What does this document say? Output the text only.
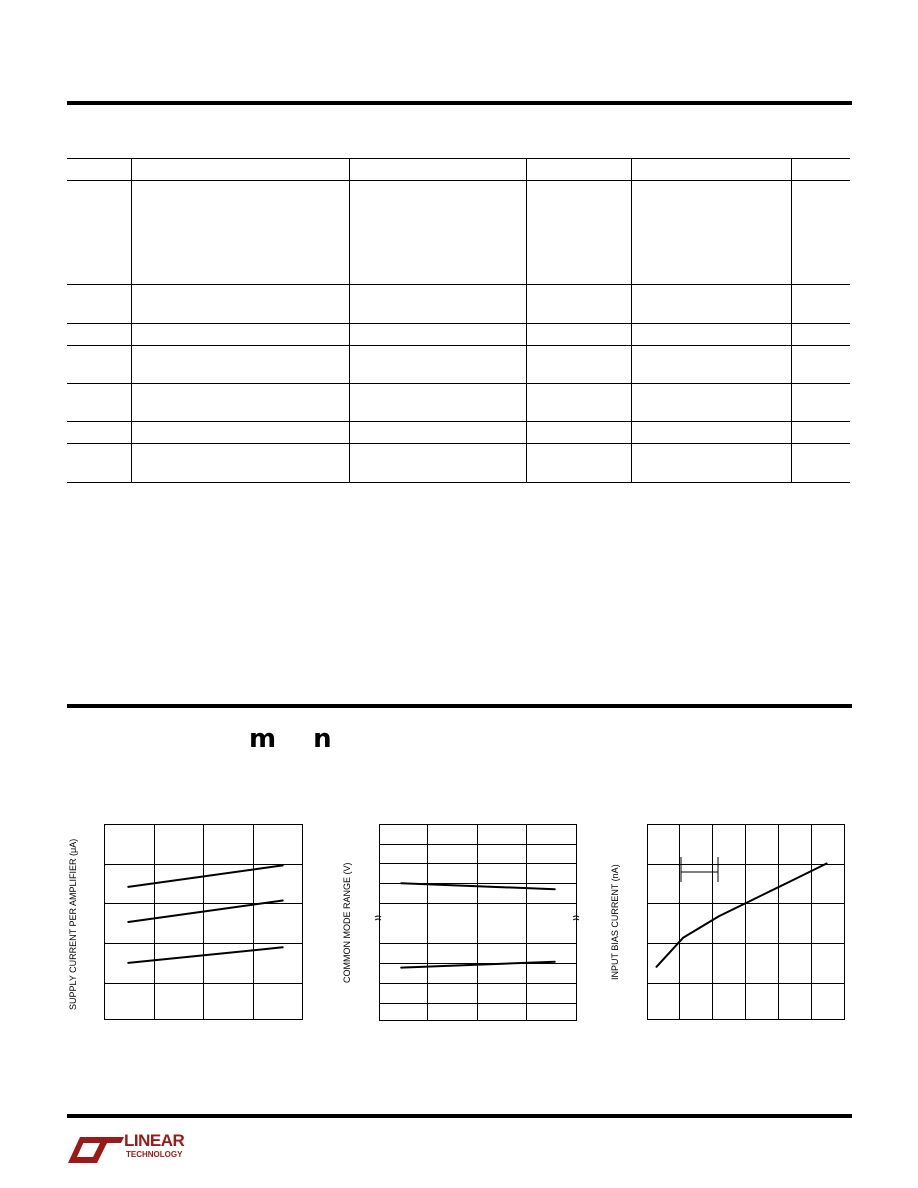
m n
SUPPLY CURRENT PER AMPLIFIER (μA)	COMMON MODE RANGE (V)	INPUT BIAS CURRENT (nA)
LINEAR
TECHNOLOGY
